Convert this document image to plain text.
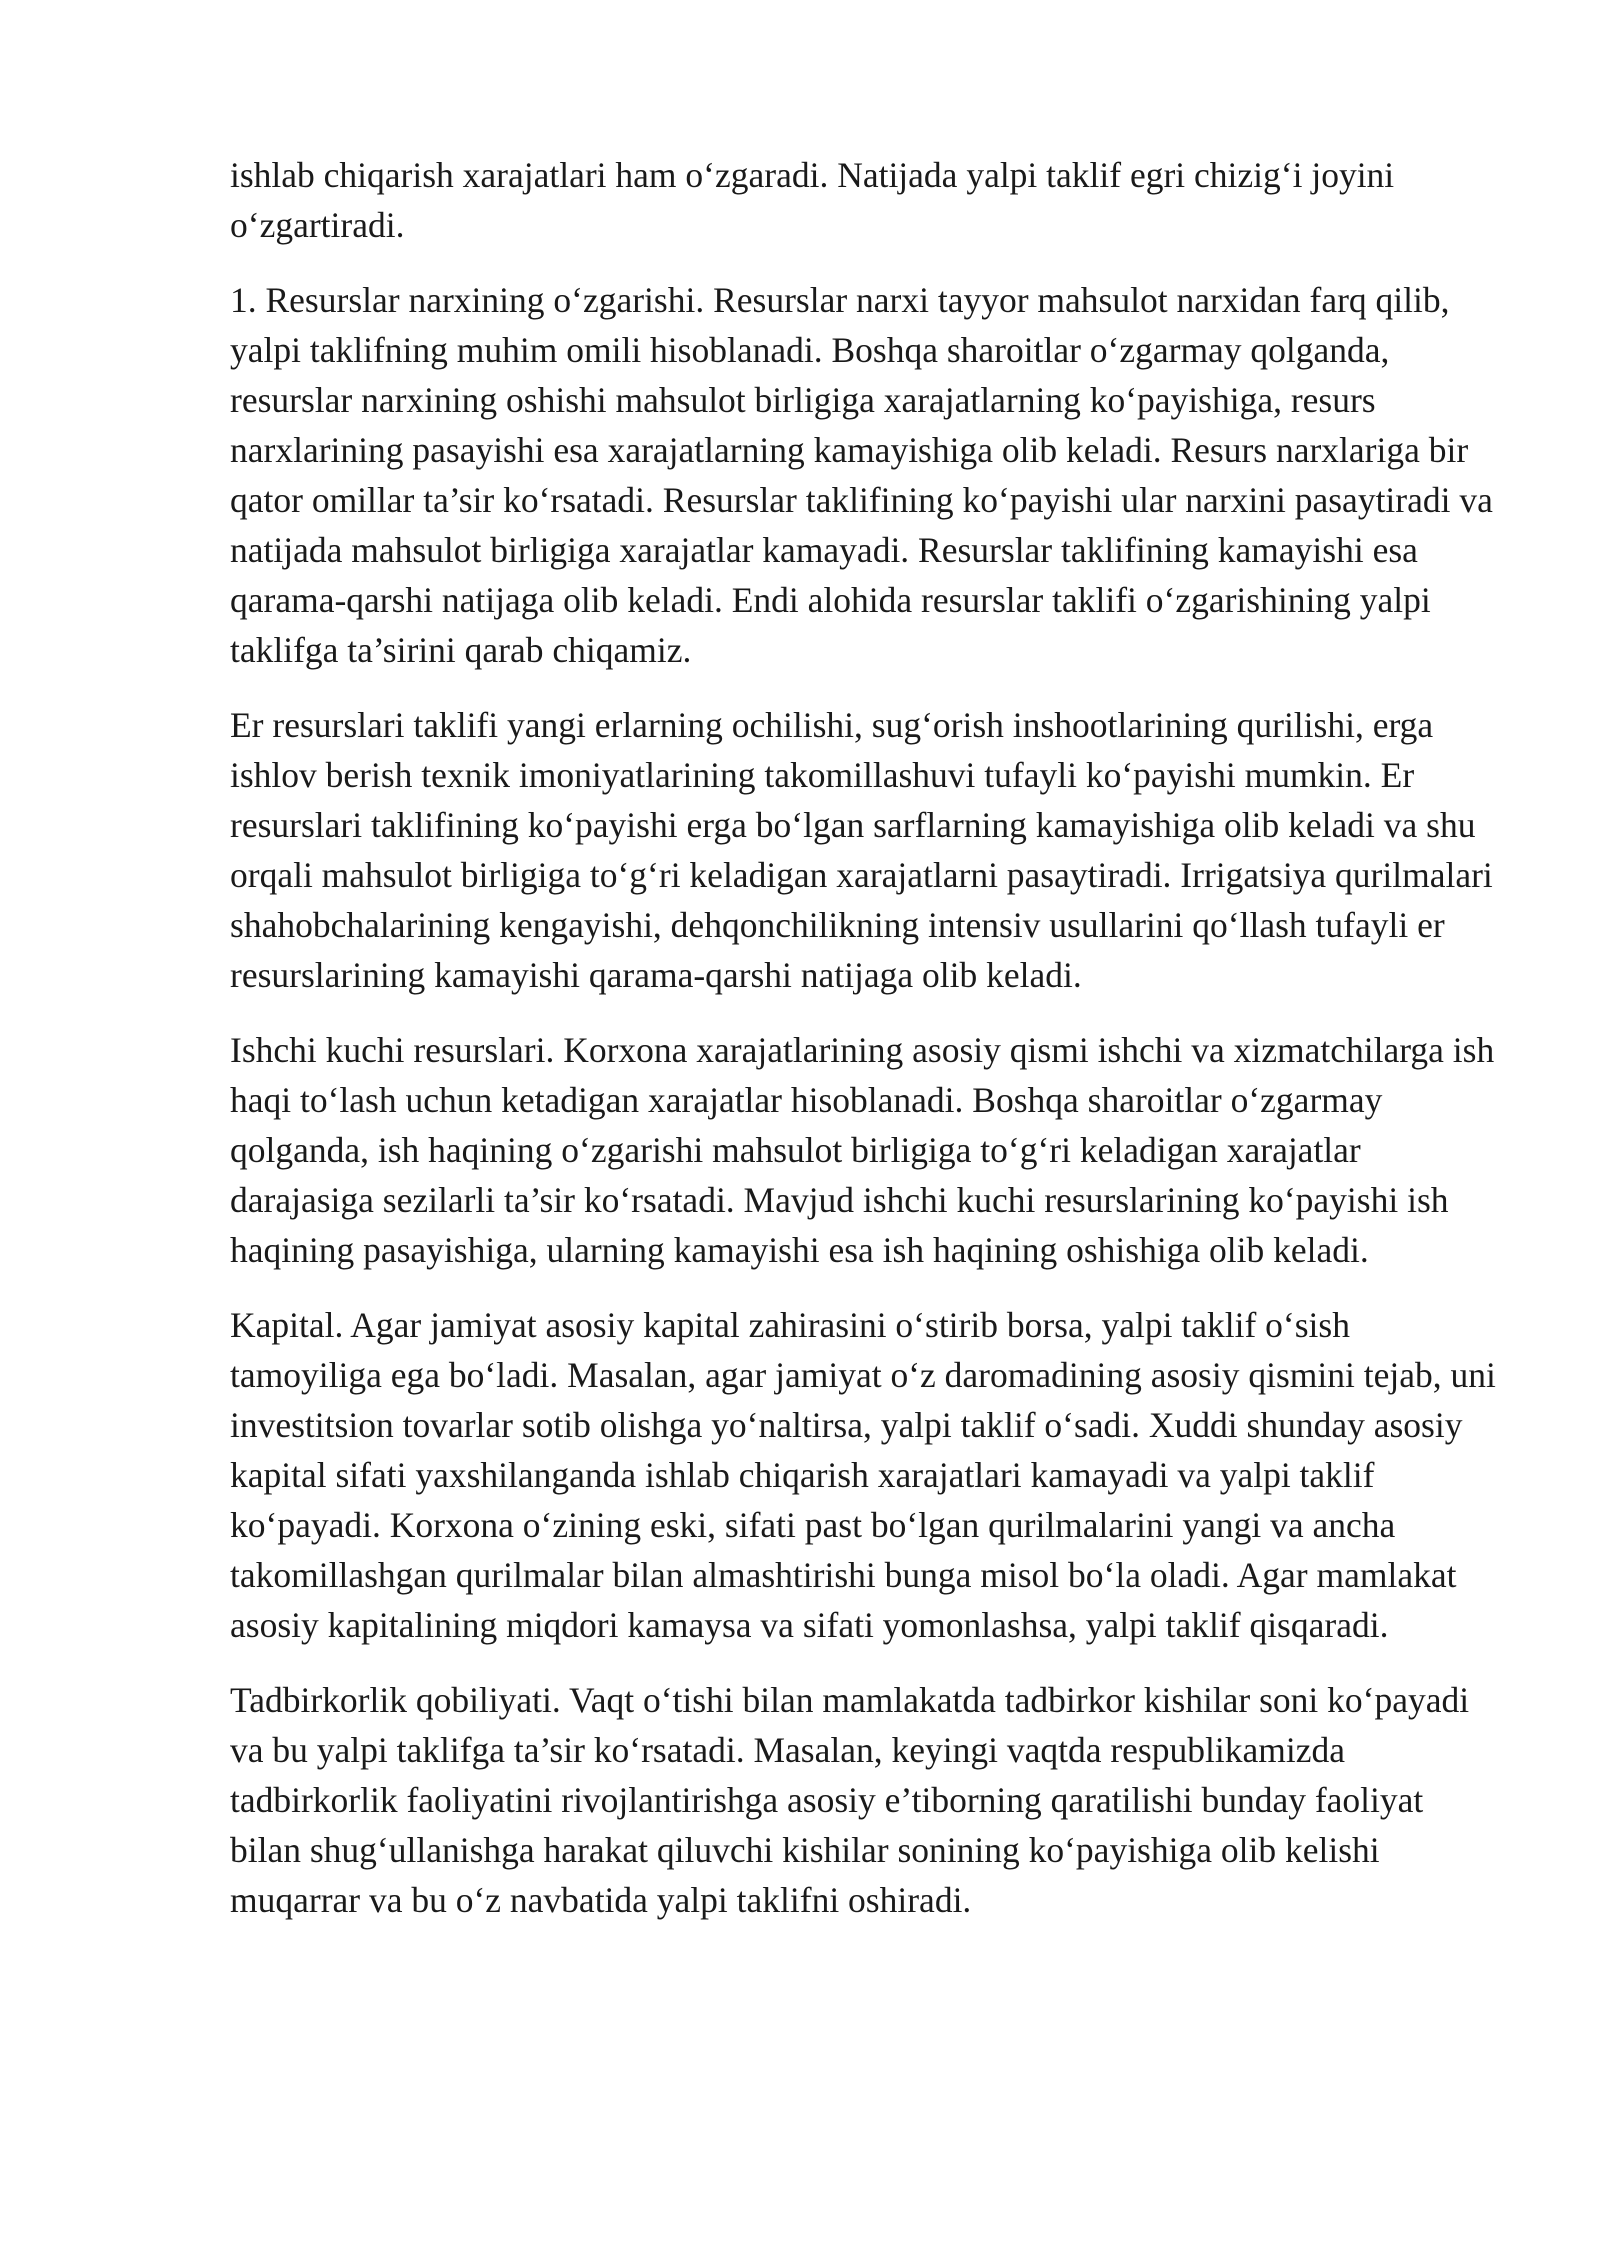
ishlab chiqarish xarajatlari ham o‘zgaradi. Natijada yalpi taklif egri chizig‘i joyini o‘zgartiradi.

1. Resurslar narxining o‘zgarishi. Resurslar narxi tayyor mahsulot narxidan farq qilib, yalpi taklifning muhim omili hisoblanadi. Boshqa sharoitlar o‘zgarmay qolganda, resurslar narxining oshishi mahsulot birligiga xarajatlarning ko‘payishiga, resurs narxlarining pasayishi esa xarajatlarning kamayishiga olib keladi. Resurs narxlariga bir qator omillar ta’sir ko‘rsatadi. Resurslar taklifining ko‘payishi ular narxini pasaytiradi va natijada mahsulot birligiga xarajatlar kamayadi. Resurslar taklifining kamayishi esa qarama-qarshi natijaga olib keladi. Endi alohida resurslar taklifi o‘zgarishining yalpi taklifga ta’sirini qarab chiqamiz.

Er resurslari taklifi yangi erlarning ochilishi, sug‘orish inshootlarining qurilishi, erga ishlov berish texnik imoniyatlarining takomillashuvi tufayli ko‘payishi mumkin. Er resurslari taklifining ko‘payishi erga bo‘lgan sarflarning kamayishiga olib keladi va shu orqali mahsulot birligiga to‘g‘ri keladigan xarajatlarni pasaytiradi. Irrigatsiya qurilmalari shahobchalarining kengayishi, dehqonchilikning intensiv usullarini qo‘llash tufayli er resurslarining kamayishi qarama-qarshi natijaga olib keladi.

Ishchi kuchi resurslari. Korxona xarajatlarining asosiy qismi ishchi va xizmatchilarga ish haqi to‘lash uchun ketadigan xarajatlar hisoblanadi. Boshqa sharoitlar o‘zgarmay qolganda, ish haqining o‘zgarishi mahsulot birligiga to‘g‘ri keladigan xarajatlar darajasiga sezilarli ta’sir ko‘rsatadi. Mavjud ishchi kuchi resurslarining ko‘payishi ish haqining pasayishiga, ularning kamayishi esa ish haqining oshishiga olib keladi.

Kapital. Agar jamiyat asosiy kapital zahirasini o‘stirib borsa, yalpi taklif o‘sish tamoyiliga ega bo‘ladi. Masalan, agar jamiyat o‘z daromadining asosiy qismini tejab, uni investitsion tovarlar sotib olishga yo‘naltirsa, yalpi taklif o‘sadi. Xuddi shunday asosiy kapital sifati yaxshilanganda ishlab chiqarish xarajatlari kamayadi va yalpi taklif ko‘payadi. Korxona o‘zining eski, sifati past bo‘lgan qurilmalarini yangi va ancha takomillashgan qurilmalar bilan almashtirishi bunga misol bo‘la oladi. Agar mamlakat asosiy kapitalining miqdori kamaysa va sifati yomonlashsa, yalpi taklif qisqaradi.

Tadbirkorlik qobiliyati. Vaqt o‘tishi bilan mamlakatda tadbirkor kishilar soni ko‘payadi va bu yalpi taklifga ta’sir ko‘rsatadi. Masalan, keyingi vaqtda respublikamizda tadbirkorlik faoliyatini rivojlantirishga asosiy e’tiborning qaratilishi bunday faoliyat bilan shug‘ullanishga harakat qiluvchi kishilar sonining ko‘payishiga olib kelishi muqarrar va bu o‘z navbatida yalpi taklifni oshiradi.
